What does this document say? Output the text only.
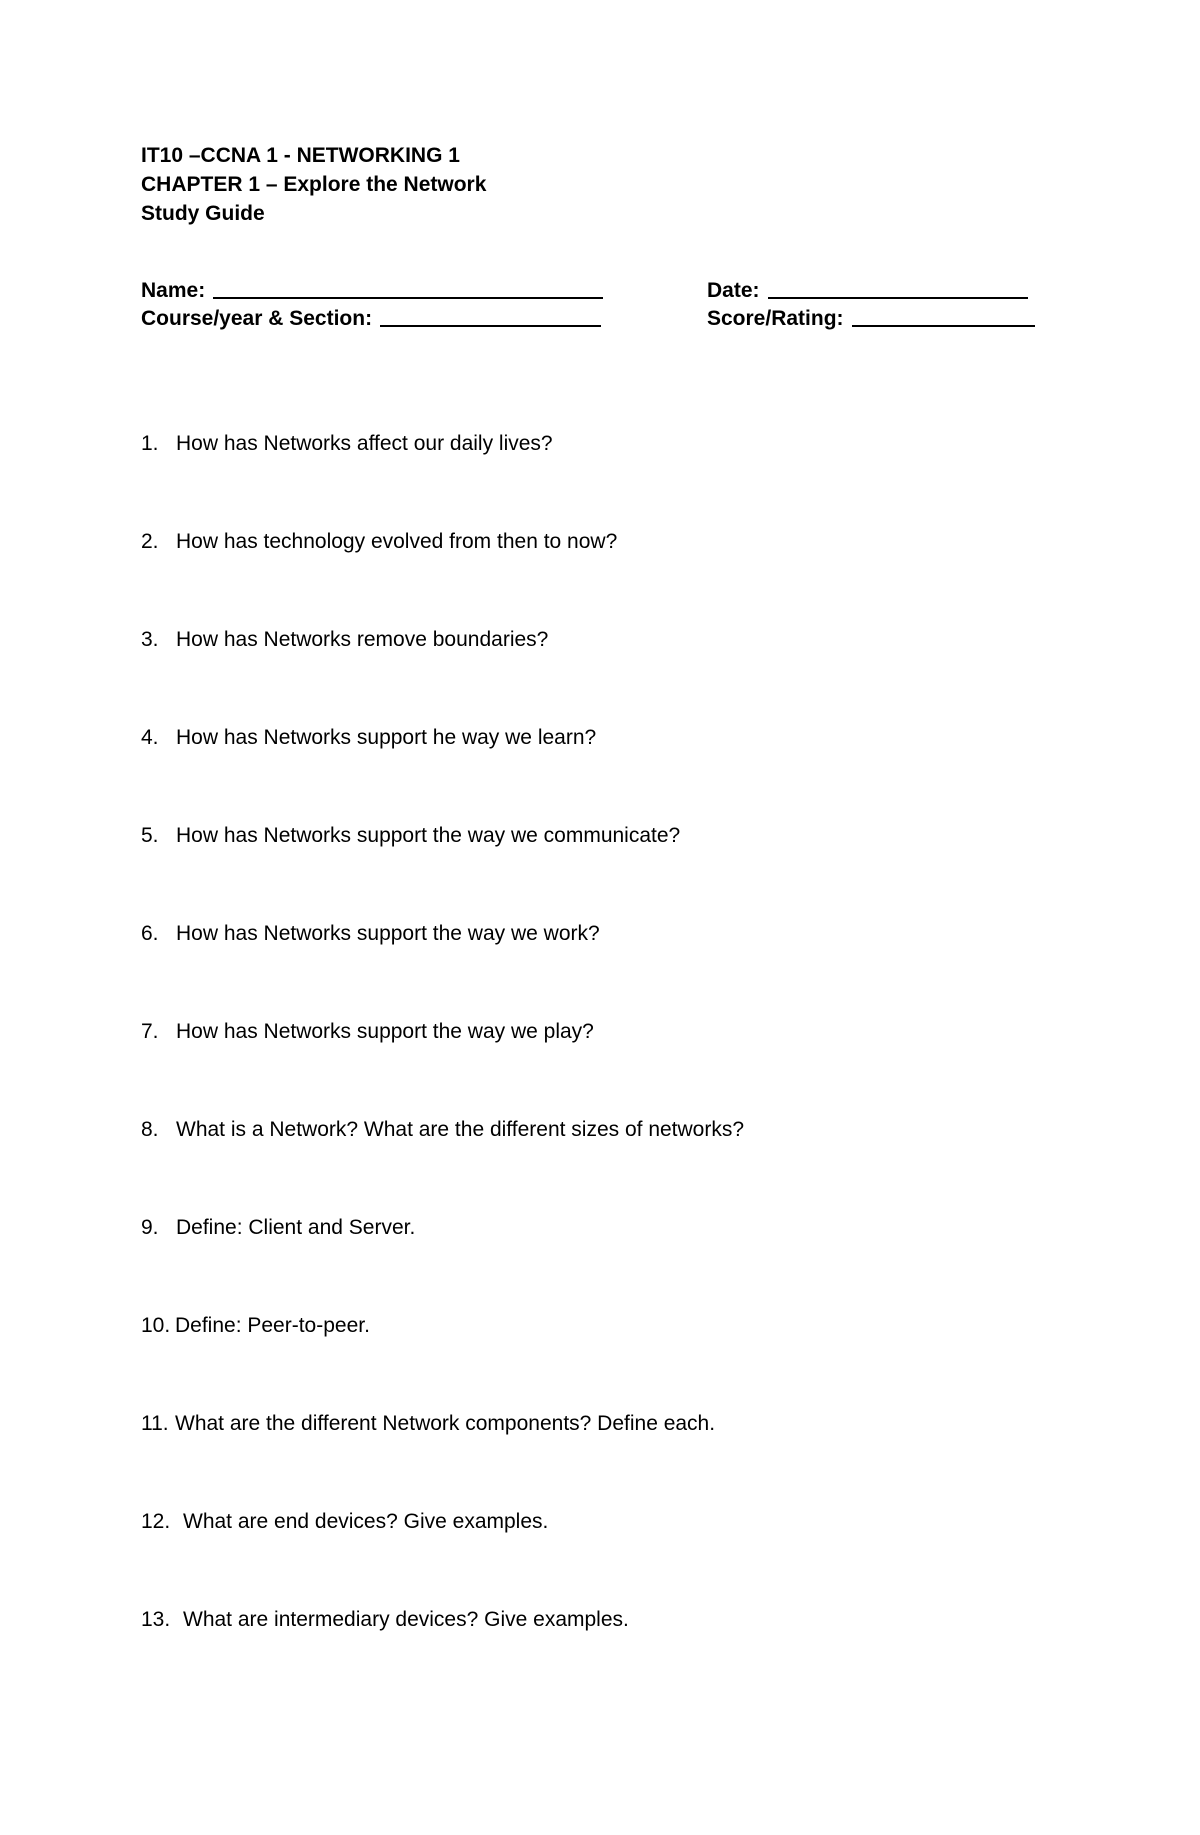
IT10 –CCNA 1 - NETWORKING 1
CHAPTER 1 – Explore the Network
Study Guide
Name:	Date:
Course/year & Section:	Score/Rating:
1. How has Networks affect our daily lives?
2. How has technology evolved from then to now?
3. How has Networks remove boundaries?
4. How has Networks support he way we learn?
5. How has Networks support the way we communicate?
6. How has Networks support the way we work?
7. How has Networks support the way we play?
8. What is a Network? What are the different sizes of networks?
9. Define: Client and Server.
10. Define: Peer-to-peer.
11. What are the different Network components? Define each.
12. What are end devices? Give examples.
13. What are intermediary devices? Give examples.
